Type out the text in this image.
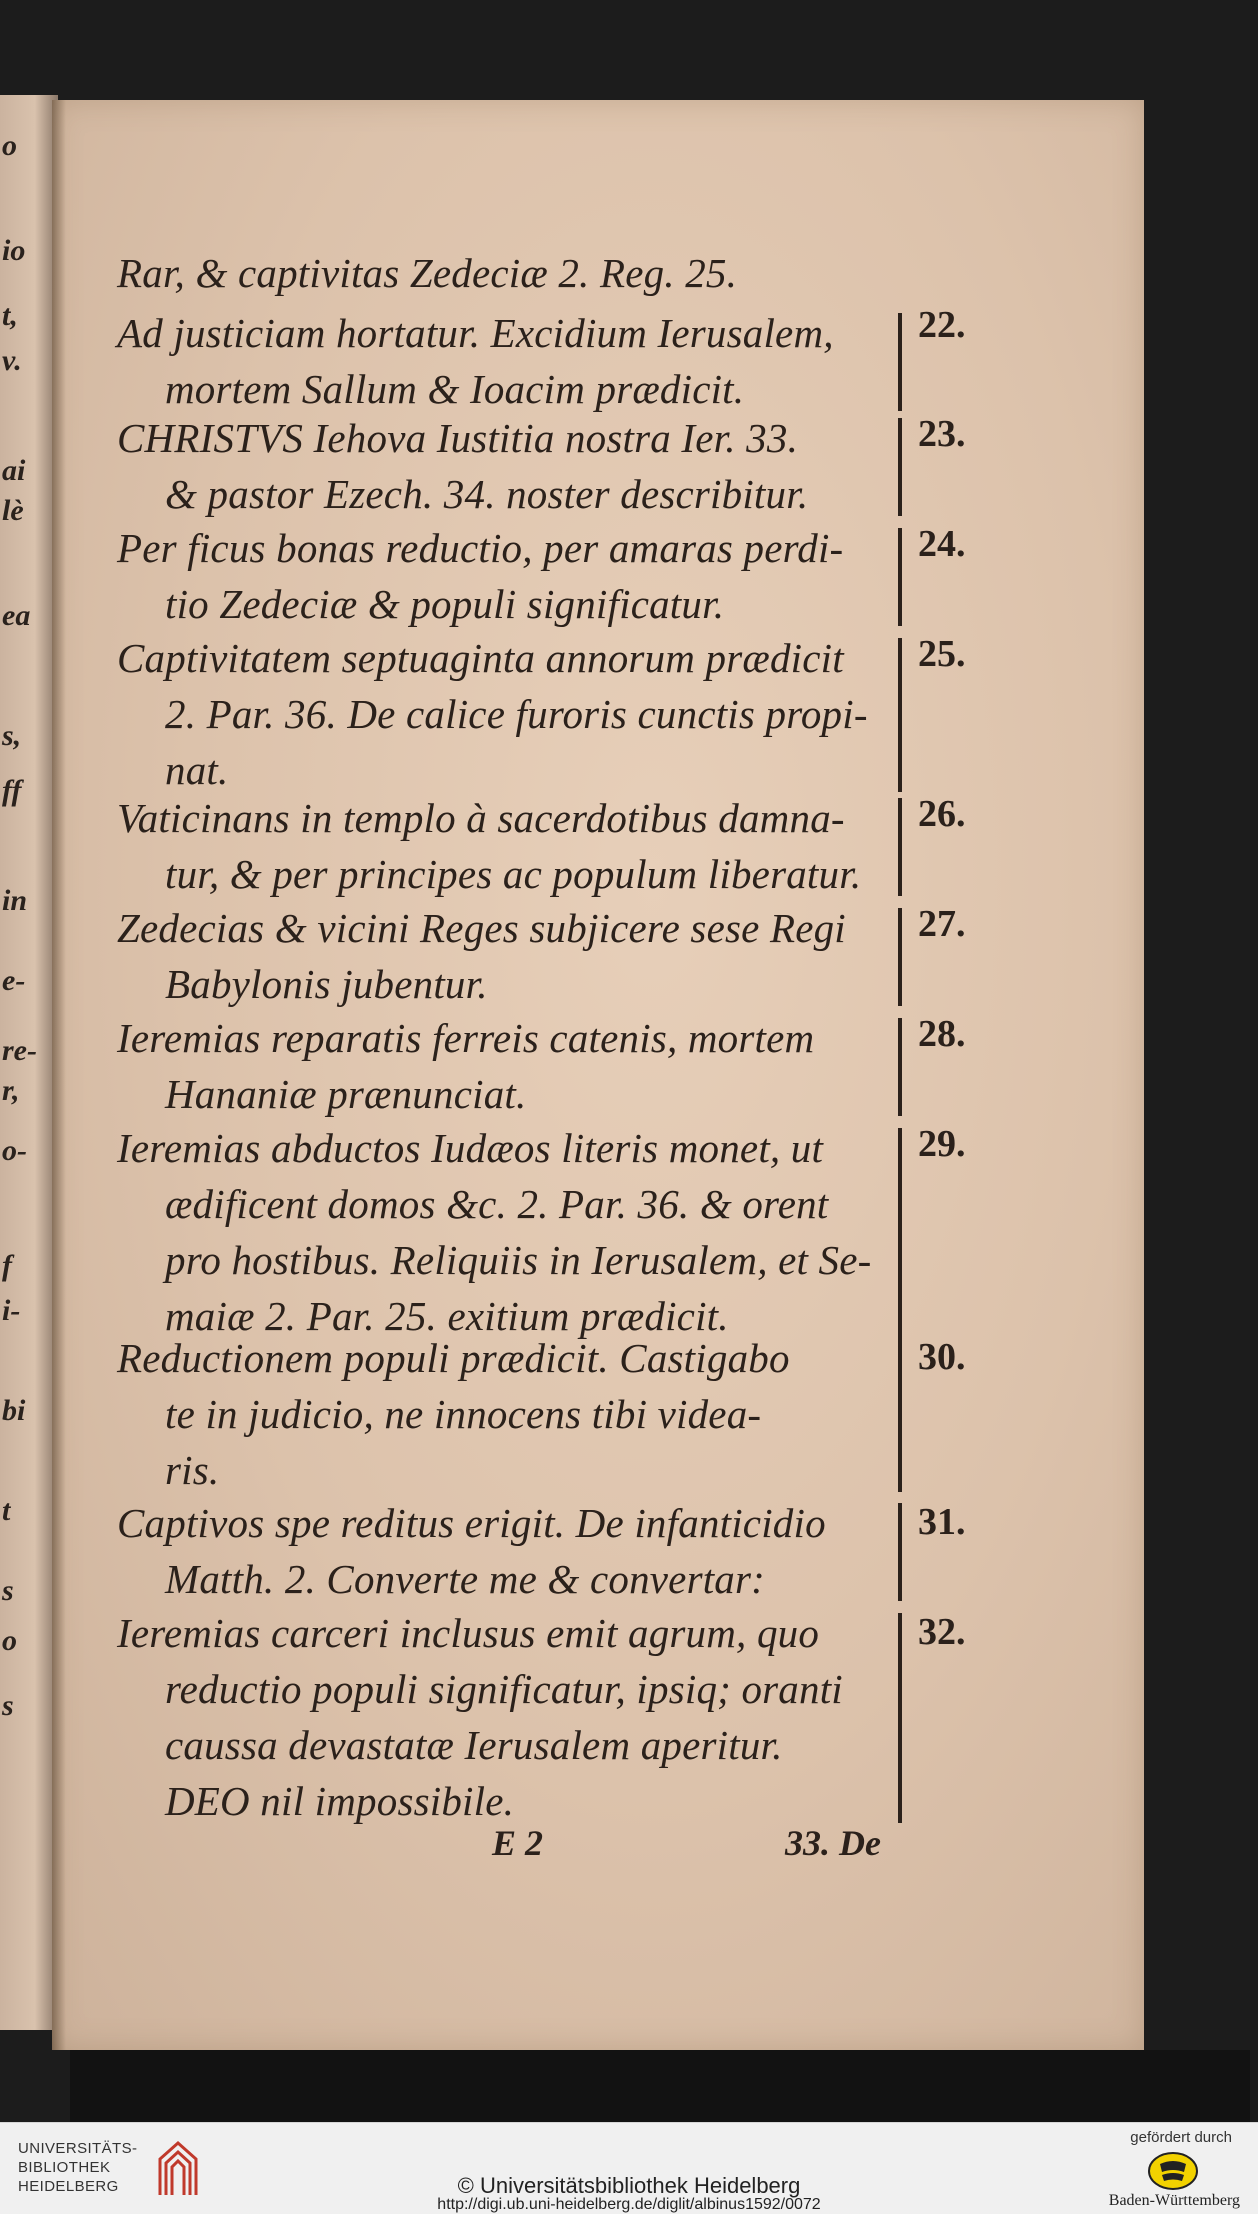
o
io
t,
v.
ai
lè
ea
s,
ff
in
e-
re-
r,
o-
f
i-
bi
t
s
o
s
Rar, & captivitas Zedeciæ 2. Reg. 25.
Ad justiciam hortatur. Excidium Ierusalem,
mortem Sallum & Ioacim prædicit.
22.
CHRISTVS Iehova Iustitia nostra Ier. 33.
& pastor Ezech. 34. noster describitur.
23.
Per ficus bonas reductio, per amaras perdi-
tio Zedeciæ & populi significatur.
24.
Captivitatem septuaginta annorum prædicit
2. Par. 36. De calice furoris cunctis propi-
nat.
25.
Vaticinans in templo à sacerdotibus damna-
tur, & per principes ac populum liberatur.
26.
Zedecias & vicini Reges subjicere sese Regi
Babylonis jubentur.
27.
Ieremias reparatis ferreis catenis, mortem
Hananiæ prænunciat.
28.
Ieremias abductos Iudæos literis monet, ut
ædificent domos &c. 2. Par. 36. & orent
pro hostibus. Reliquiis in Ierusalem, et Se-
maiæ 2. Par. 25. exitium prædicit.
29.
Reductionem populi prædicit. Castigabo
te in judicio, ne innocens tibi videa-
ris.
30.
Captivos spe reditus erigit. De infanticidio
Matth. 2. Converte me & convertar:
31.
Ieremias carceri inclusus emit agrum, quo
reductio populi significatur, ipsiq; oranti
caussa devastatæ Ierusalem aperitur.
DEO nil impossibile.
32.
E 2	33. De
UNIVERSITÄTS-
BIBLIOTHEK
HEIDELBERG	© Universitätsbibliothek Heidelberg
http://digi.ub.uni-heidelberg.de/diglit/albinus1592/0072
gefördert durch
Baden-Württemberg
